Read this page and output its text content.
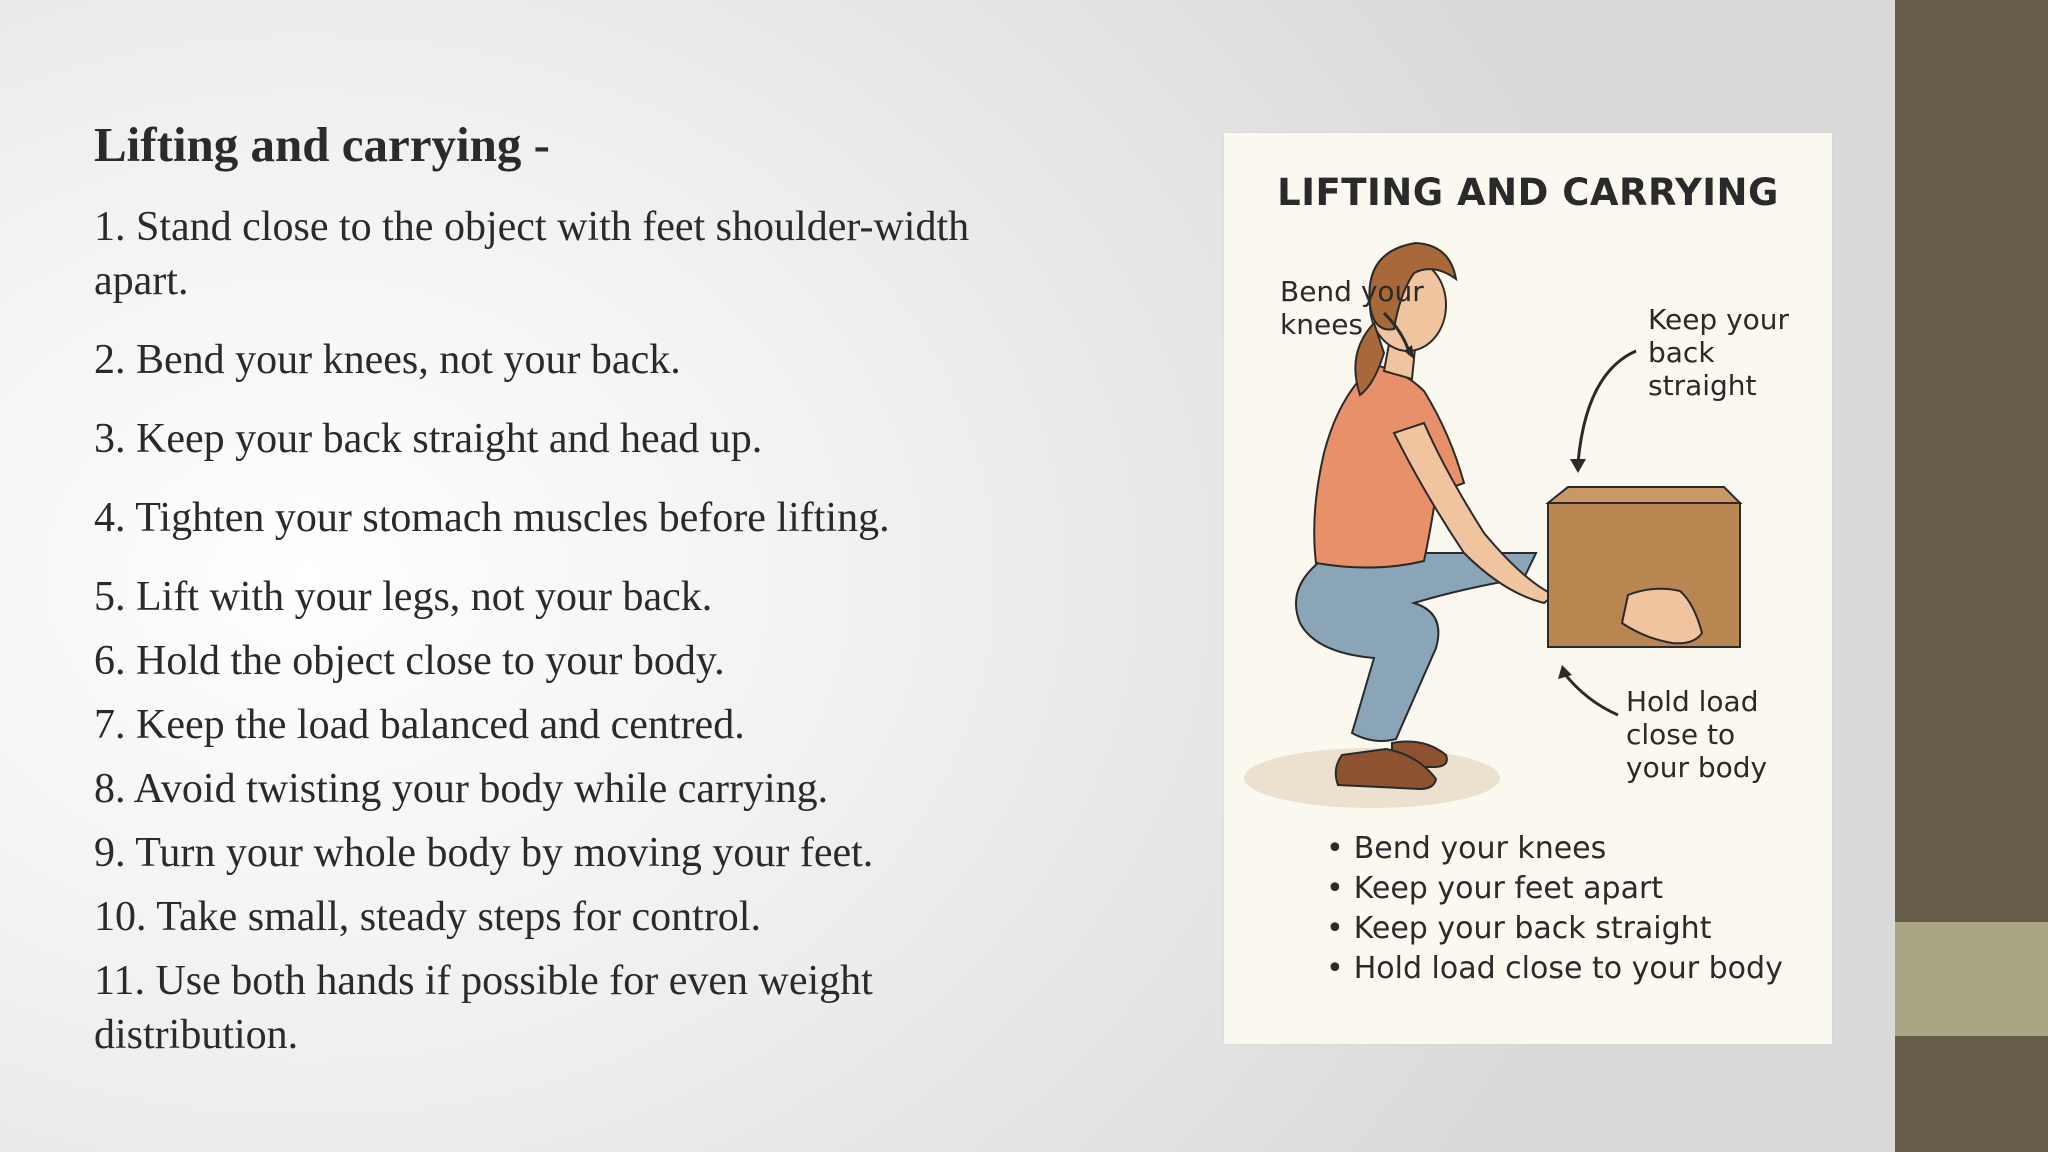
Lifting and carrying -
1. Stand close to the object with feet shoulder-width apart.
2. Bend your knees, not your back.
3. Keep your back straight and head up.
4. Tighten your stomach muscles before lifting.
5. Lift with your legs, not your back.
6. Hold the object close to your body.
7. Keep the load balanced and centred.
8. Avoid twisting your body while carrying.
9. Turn your whole body by moving your feet.
10. Take small, steady steps for control.
11. Use both hands if possible for even weight distribution.
LIFTING AND CARRYING

Bend your knees	Keep your back straight

Hold load close to your body

• Bend your knees
• Keep your feet apart
• Keep your back straight
• Hold load close to your body
